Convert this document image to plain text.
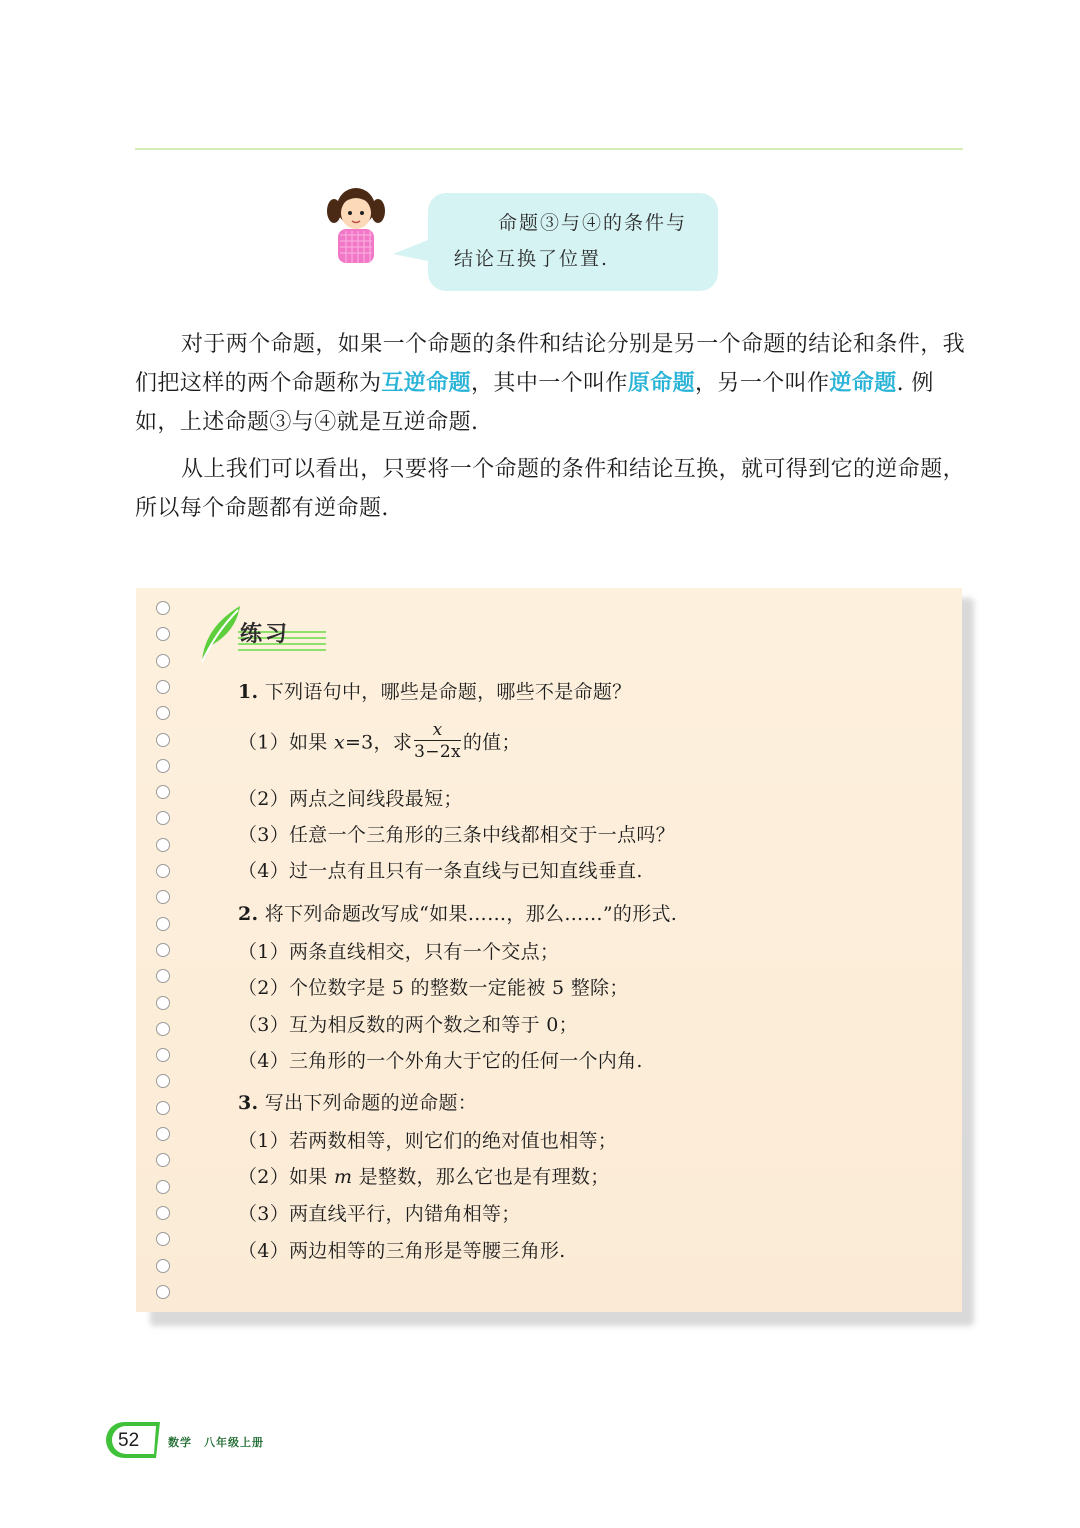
命题③与④的条件与
结论互换了位置.

对于两个命题，如果一个命题的条件和结论分别是另一个命题的结论和条件，我们把这样的两个命题称为互逆命题，其中一个叫作原命题，另一个叫作逆命题. 例如，上述命题③与④就是互逆命题.

从上我们可以看出，只要将一个命题的条件和结论互换，就可得到它的逆命题，所以每个命题都有逆命题.

练习
1. 下列语句中，哪些是命题，哪些不是命题？
（1）如果 x=3，求 $\frac{x}{3-2x}$ 的值；
（2）两点之间线段最短；
（3）任意一个三角形的三条中线都相交于一点吗？
（4）过一点有且只有一条直线与已知直线垂直.
2. 将下列命题改写成“如果……，那么……”的形式.
（1）两条直线相交，只有一个交点；
（2）个位数字是 5 的整数一定能被 5 整除；
（3）互为相反数的两个数之和等于 0；
（4）三角形的一个外角大于它的任何一个内角.
3. 写出下列命题的逆命题：
（1）若两数相等，则它们的绝对值也相等；
（2）如果 m 是整数，那么它也是有理数；
（3）两直线平行，内错角相等；
（4）两边相等的三角形是等腰三角形.
52	数学　八年级上册
